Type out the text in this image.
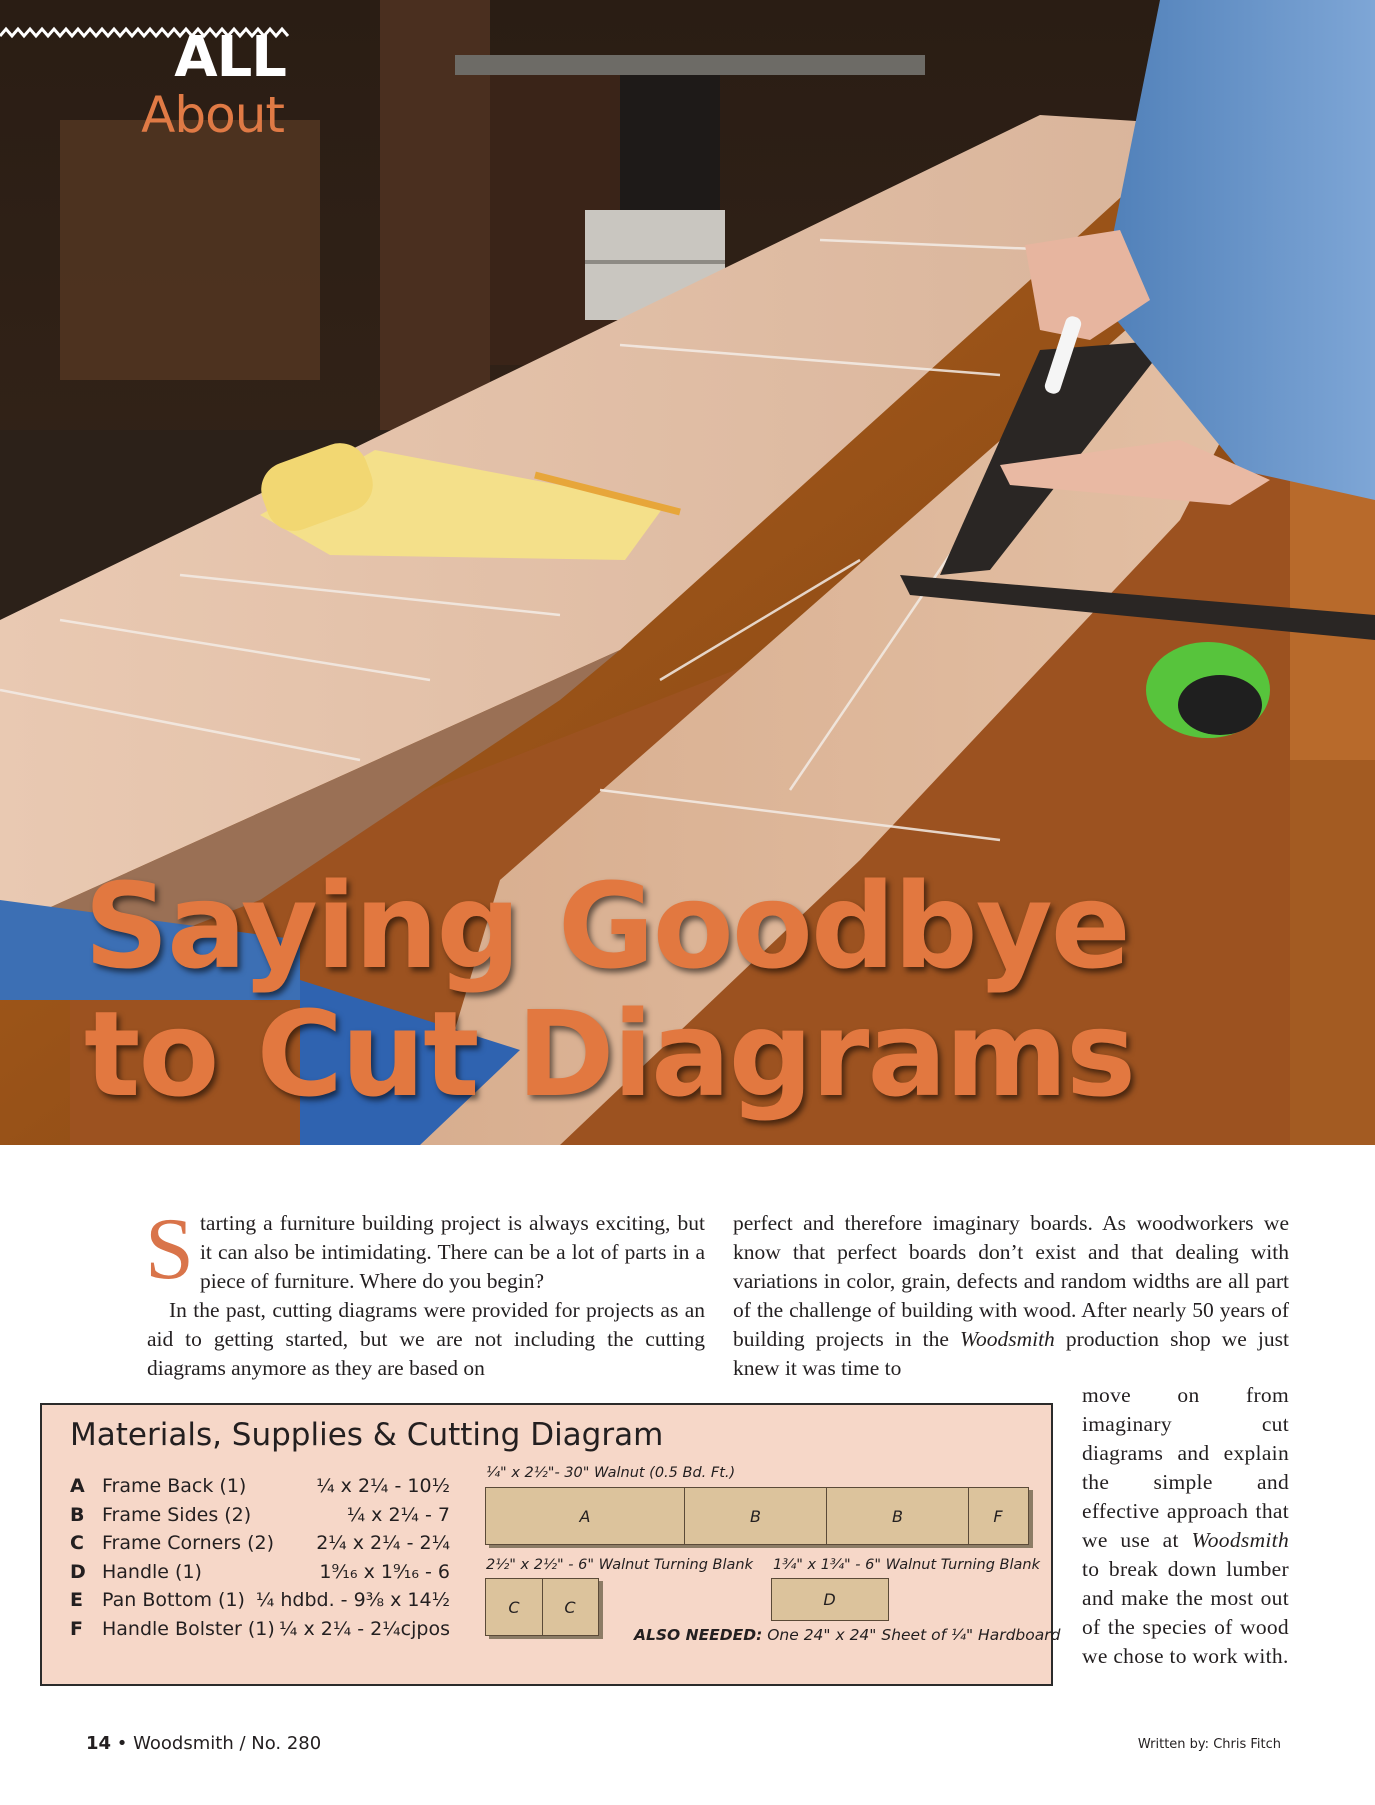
ALL
About
Saying Goodbye
to Cut Diagrams

Starting a furniture building project is always exciting, but it can also be intimidating. There can be a lot of parts in a piece of furniture. Where do you begin?

In the past, cutting diagrams were provided for projects as an aid to getting started, but we are not including the cutting diagrams anymore as they are based on

perfect and therefore imaginary boards. As woodworkers we know that perfect boards don’t exist and that dealing with variations in color, grain, defects and random widths are all part of the challenge of building with wood. After nearly 50 years of building projects in the Woodsmith production shop we just knew it was time to

move on from imaginary cut diagrams and explain the simple and effective approach that we use at Woodsmith to break down lumber and make the most out of the species of wood we chose to work with.

Materials, Supplies & Cutting Diagram
A Frame Back (1)	¼ x 2¼ - 10½
B Frame Sides (2)	¼ x 2¼ - 7
C Frame Corners (2) 2¼ x 2¼ - 2¼
D Handle (1)	1⁹⁄₁₆ x 1⁹⁄₁₆ - 6
E Pan Bottom (1) ¼ hdbd. - 9⅜ x 14½
F Handle Bolster (1) ¼ x 2¼ - 2¼cjpos
¼" x 2½"- 30" Walnut (0.5 Bd. Ft.)
A	B	B	F
2½" x 2½" - 6" Walnut Turning Blank
C	C
1¾" x 1¾" - 6" Walnut Turning Blank
D
ALSO NEEDED: One 24" x 24" Sheet of ¼" Hardboard
14 • Woodsmith / No. 280	Written by: Chris Fitch
